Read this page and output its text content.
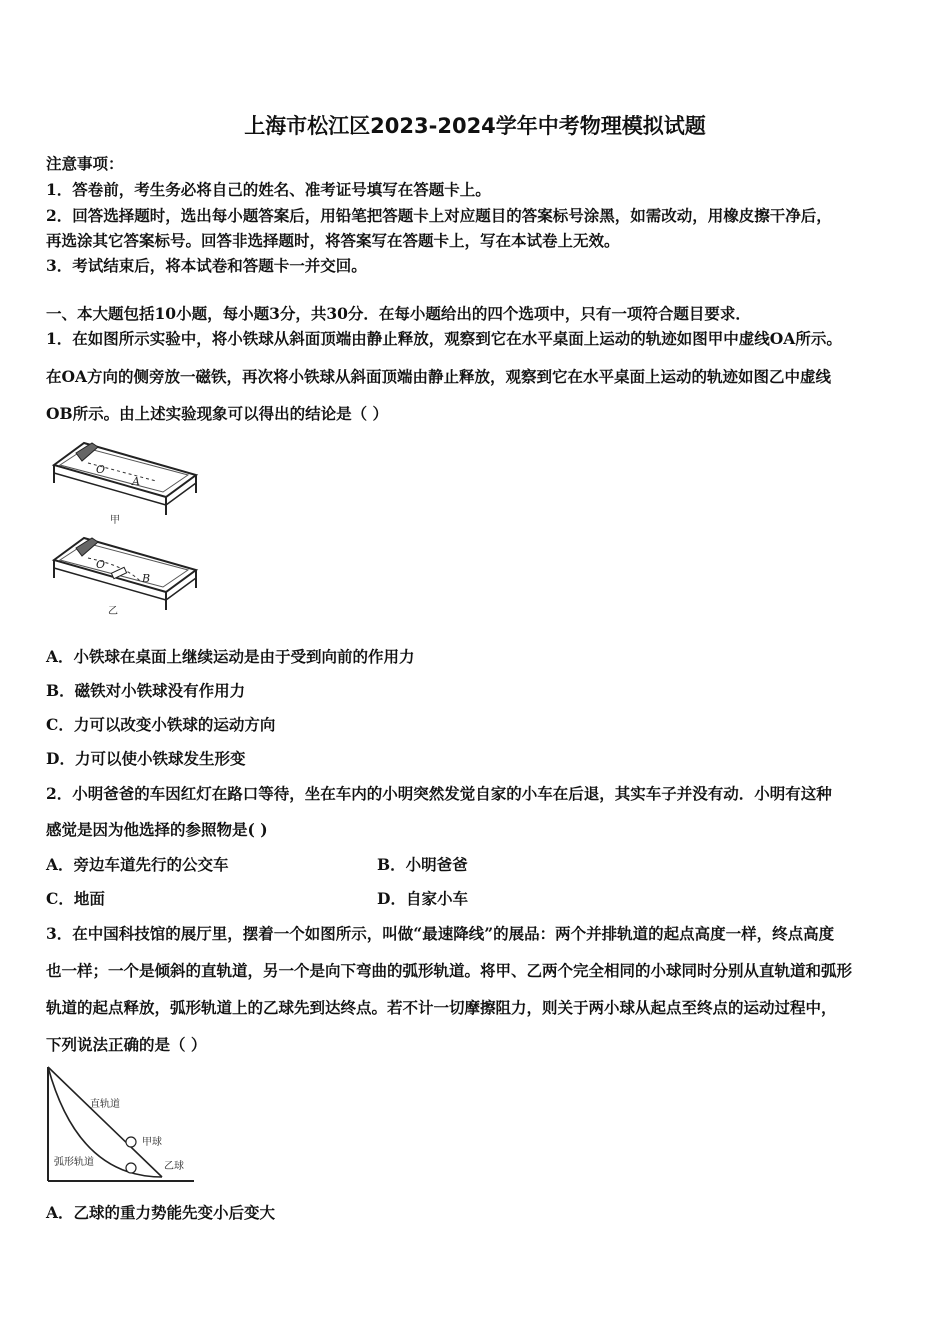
上海市松江区2023-2024学年中考物理模拟试题
注意事项：
1．答卷前，考生务必将自己的姓名、准考证号填写在答题卡上。
2．回答选择题时，选出每小题答案后，用铅笔把答题卡上对应题目的答案标号涂黑，如需改动，用橡皮擦干净后，
再选涂其它答案标号。回答非选择题时，将答案写在答题卡上，写在本试卷上无效。
3．考试结束后，将本试卷和答题卡一并交回。
一、本大题包括10小题，每小题3分，共30分．在每小题给出的四个选项中，只有一项符合题目要求．
1．在如图所示实验中，将小铁球从斜面顶端由静止释放，观察到它在水平桌面上运动的轨迹如图甲中虚线OA所示。
在OA方向的侧旁放一磁铁，再次将小铁球从斜面顶端由静止释放，观察到它在水平桌面上运动的轨迹如图乙中虚线
OB所示。由上述实验现象可以得出的结论是（ ）
O
A
甲
O
B
乙
A．小铁球在桌面上继续运动是由于受到向前的作用力
B．磁铁对小铁球没有作用力
C．力可以改变小铁球的运动方向
D．力可以使小铁球发生形变
2．小明爸爸的车因红灯在路口等待，坐在车内的小明突然发觉自家的小车在后退，其实车子并没有动．小明有这种
感觉是因为他选择的参照物是( )
A．旁边车道先行的公交车	B．小明爸爸
C．地面	D．自家小车
3．在中国科技馆的展厅里，摆着一个如图所示，叫做“最速降线”的展品：两个并排轨道的起点高度一样，终点高度
也一样；一个是倾斜的直轨道，另一个是向下弯曲的弧形轨道。将甲、乙两个完全相同的小球同时分别从直轨道和弧形
轨道的起点释放，弧形轨道上的乙球先到达终点。若不计一切摩擦阻力，则关于两小球从起点至终点的运动过程中，
下列说法正确的是（ ）
直轨道
甲球
弧形轨道	乙球
A．乙球的重力势能先变小后变大
